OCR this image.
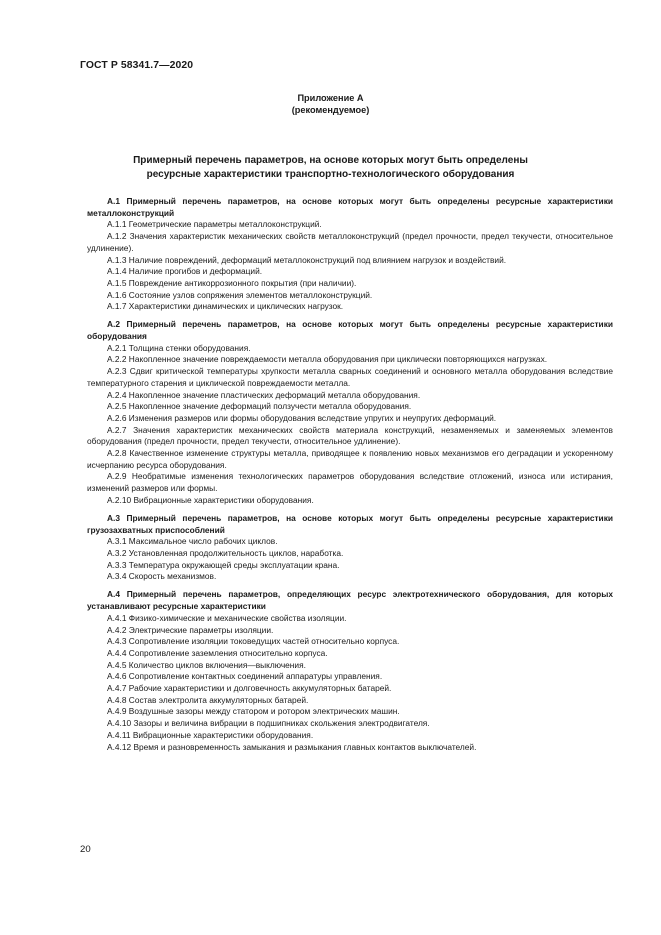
ГОСТ Р 58341.7—2020
Приложение А
(рекомендуемое)
Примерный перечень параметров, на основе которых могут быть определены
ресурсные характеристики транспортно-технологического оборудования

А.1 Примерный перечень параметров, на основе которых могут быть определены ресурсные характеристики металлоконструкций

А.1.1 Геометрические параметры металлоконструкций.

А.1.2 Значения характеристик механических свойств металлоконструкций (предел прочности, предел текучести, относительное удлинение).

А.1.3 Наличие повреждений, деформаций металлоконструкций под влиянием нагрузок и воздействий.

А.1.4 Наличие прогибов и деформаций.

А.1.5 Повреждение антикоррозионного покрытия (при наличии).

А.1.6 Состояние узлов сопряжения элементов металлоконструкций.

А.1.7 Характеристики динамических и циклических нагрузок.

А.2 Примерный перечень параметров, на основе которых могут быть определены ресурсные характеристики оборудования

А.2.1 Толщина стенки оборудования.

А.2.2 Накопленное значение повреждаемости металла оборудования при циклически повторяющихся нагрузках.

А.2.3 Сдвиг критической температуры хрупкости металла сварных соединений и основного металла оборудования вследствие температурного старения и циклической повреждаемости металла.

А.2.4 Накопленное значение пластических деформаций металла оборудования.

А.2.5 Накопленное значение деформаций ползучести металла оборудования.

А.2.6 Изменения размеров или формы оборудования вследствие упругих и неупругих деформаций.

А.2.7 Значения характеристик механических свойств материала конструкций, незаменяемых и заменяемых элементов оборудования (предел прочности, предел текучести, относительное удлинение).

А.2.8 Качественное изменение структуры металла, приводящее к появлению новых механизмов его деградации и ускоренному исчерпанию ресурса оборудования.

А.2.9 Необратимые изменения технологических параметров оборудования вследствие отложений, износа или истирания, изменений размеров или формы.

А.2.10 Вибрационные характеристики оборудования.

А.3 Примерный перечень параметров, на основе которых могут быть определены ресурсные характеристики грузозахватных приспособлений

А.3.1 Максимальное число рабочих циклов.

А.3.2 Установленная продолжительность циклов, наработка.

А.3.3 Температура окружающей среды эксплуатации крана.

А.3.4 Скорость механизмов.

А.4 Примерный перечень параметров, определяющих ресурс электротехнического оборудования, для которых устанавливают ресурсные характеристики

А.4.1 Физико-химические и механические свойства изоляции.

А.4.2 Электрические параметры изоляции.

А.4.3 Сопротивление изоляции токоведущих частей относительно корпуса.

А.4.4 Сопротивление заземления относительно корпуса.

А.4.5 Количество циклов включения—выключения.

А.4.6 Сопротивление контактных соединений аппаратуры управления.

А.4.7 Рабочие характеристики и долговечность аккумуляторных батарей.

А.4.8 Состав электролита аккумуляторных батарей.

А.4.9 Воздушные зазоры между статором и ротором электрических машин.

А.4.10 Зазоры и величина вибрации в подшипниках скольжения электродвигателя.

А.4.11 Вибрационные характеристики оборудования.

А.4.12 Время и разновременность замыкания и размыкания главных контактов выключателей.

20
